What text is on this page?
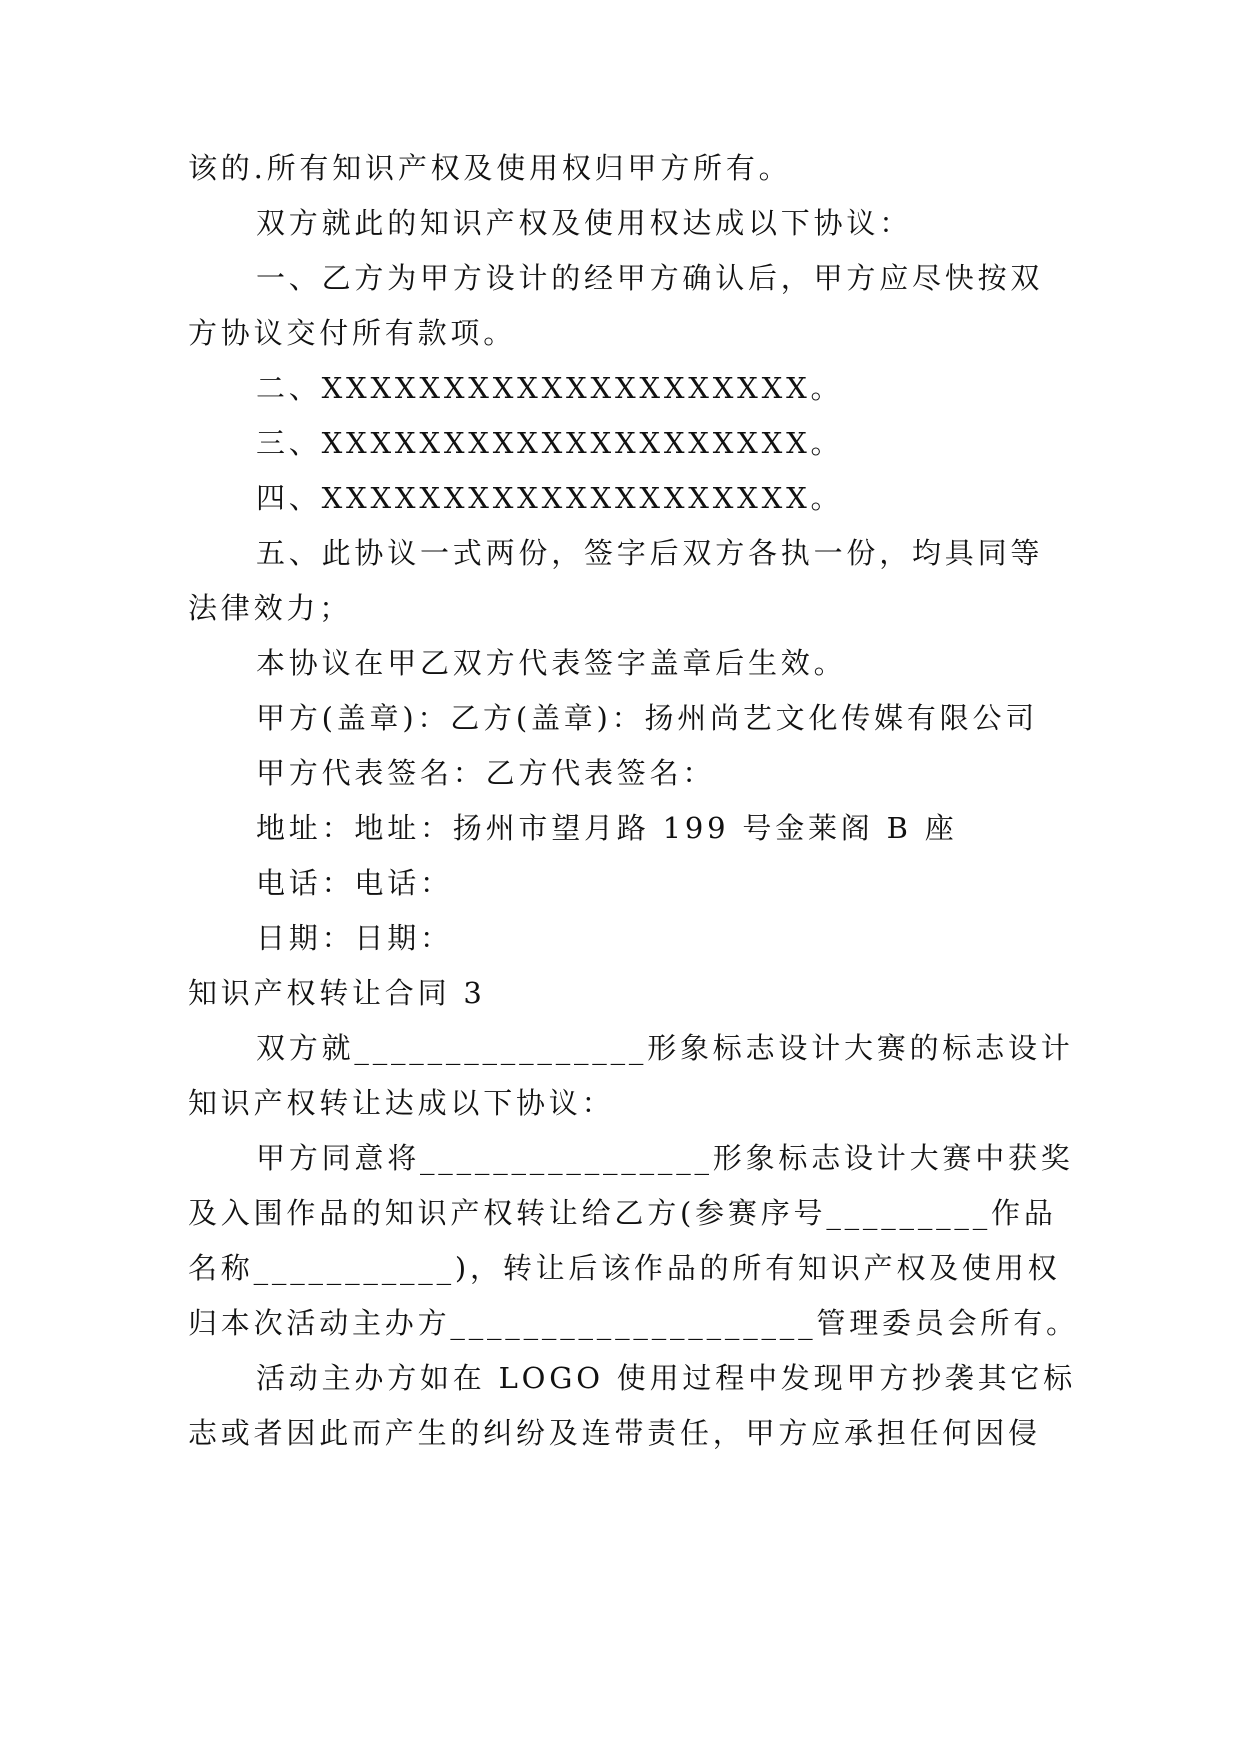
该的.所有知识产权及使用权归甲方所有。
双方就此的知识产权及使用权达成以下协议：
一、乙方为甲方设计的经甲方确认后，甲方应尽快按双
方协议交付所有款项。
二、XXXXXXXXXXXXXXXXXXXX。
三、XXXXXXXXXXXXXXXXXXXX。
四、XXXXXXXXXXXXXXXXXXXX。
五、此协议一式两份，签字后双方各执一份，均具同等
法律效力；
本协议在甲乙双方代表签字盖章后生效。
甲方(盖章)：乙方(盖章)：扬州尚艺文化传媒有限公司
甲方代表签名：乙方代表签名：
地址：地址：扬州市望月路 199 号金莱阁 B 座
电话：电话：
日期：日期：
知识产权转让合同 3
双方就________________形象标志设计大赛的标志设计
知识产权转让达成以下协议：
甲方同意将________________形象标志设计大赛中获奖
及入围作品的知识产权转让给乙方(参赛序号_________作品
名称___________)，转让后该作品的所有知识产权及使用权
归本次活动主办方____________________管理委员会所有。
活动主办方如在 LOGO 使用过程中发现甲方抄袭其它标
志或者因此而产生的纠纷及连带责任，甲方应承担任何因侵
